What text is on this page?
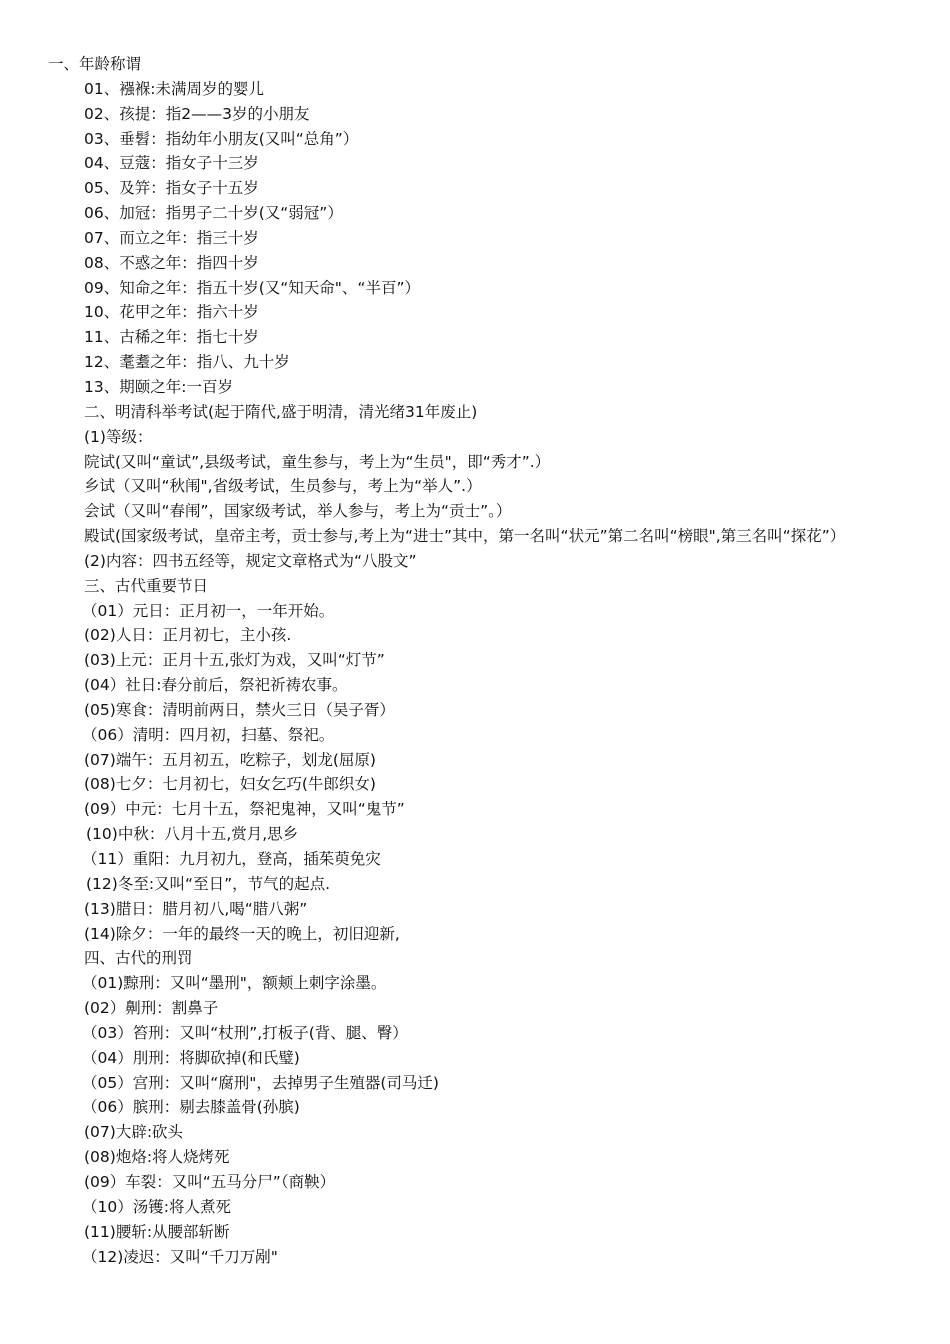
一、年龄称谓
01、襁褓:未满周岁的婴儿
02、孩提：指2——3岁的小朋友
03、垂髫：指幼年小朋友(又叫“总角”）
04、豆蔻：指女子十三岁
05、及笄：指女子十五岁
06、加冠：指男子二十岁(又“弱冠”）
07、而立之年：指三十岁
08、不惑之年：指四十岁
09、知命之年：指五十岁(又“知天命"、“半百”）
10、花甲之年：指六十岁
11、古稀之年：指七十岁
12、耄耋之年：指八、九十岁
13、期颐之年:一百岁
二、明清科举考试(起于隋代,盛于明清，清光绪31年废止)
(1)等级：
院试(又叫“童试”,县级考试，童生参与，考上为“生员"，即“秀才”.）
乡试（又叫“秋闱",省级考试，生员参与，考上为“举人”.）
会试（又叫“春闱”，国家级考试，举人参与，考上为“贡士”。）
殿试(国家级考试，皇帝主考，贡士参与,考上为“进士”其中，第一名叫“状元”第二名叫“榜眼",第三名叫“探花”）
(2)内容：四书五经等，规定文章格式为“八股文”
三、古代重要节日
（01）元日：正月初一，一年开始。
(02)人日：正月初七，主小孩.
(03)上元：正月十五,张灯为戏，又叫“灯节”
(04）社日:春分前后，祭祀祈祷农事。
(05)寒食：清明前两日，禁火三日（吴子胥）
（06）清明：四月初，扫墓、祭祀。
(07)端午：五月初五，吃粽子，划龙(屈原)
(08)七夕：七月初七，妇女乞巧(牛郎织女)
(09）中元：七月十五，祭祀鬼神，又叫“鬼节”
(10)中秋：八月十五,赏月,思乡
（11）重阳：九月初九，登高，插茱萸免灾
(12)冬至:又叫“至日”，节气的起点.
(13)腊日：腊月初八,喝“腊八粥”
(14)除夕：一年的最终一天的晚上，初旧迎新,
四、古代的刑罚
（01)黥刑：又叫“墨刑"，额颊上刺字涂墨。
(02）劓刑：割鼻子
（03）笞刑：又叫“杖刑”,打板子(背、腿、臀）
（04）刖刑：将脚砍掉(和氏璧)
（05）宫刑：又叫“腐刑"，去掉男子生殖器(司马迁)
（06）膑刑：剔去膝盖骨(孙膑)
(07)大辟:砍头
(08)炮烙:将人烧烤死
(09）车裂：又叫“五马分尸”（商鞅）
（10）汤镬:将人煮死
(11)腰斩:从腰部斩断
（12)凌迟：又叫“千刀万剐"
